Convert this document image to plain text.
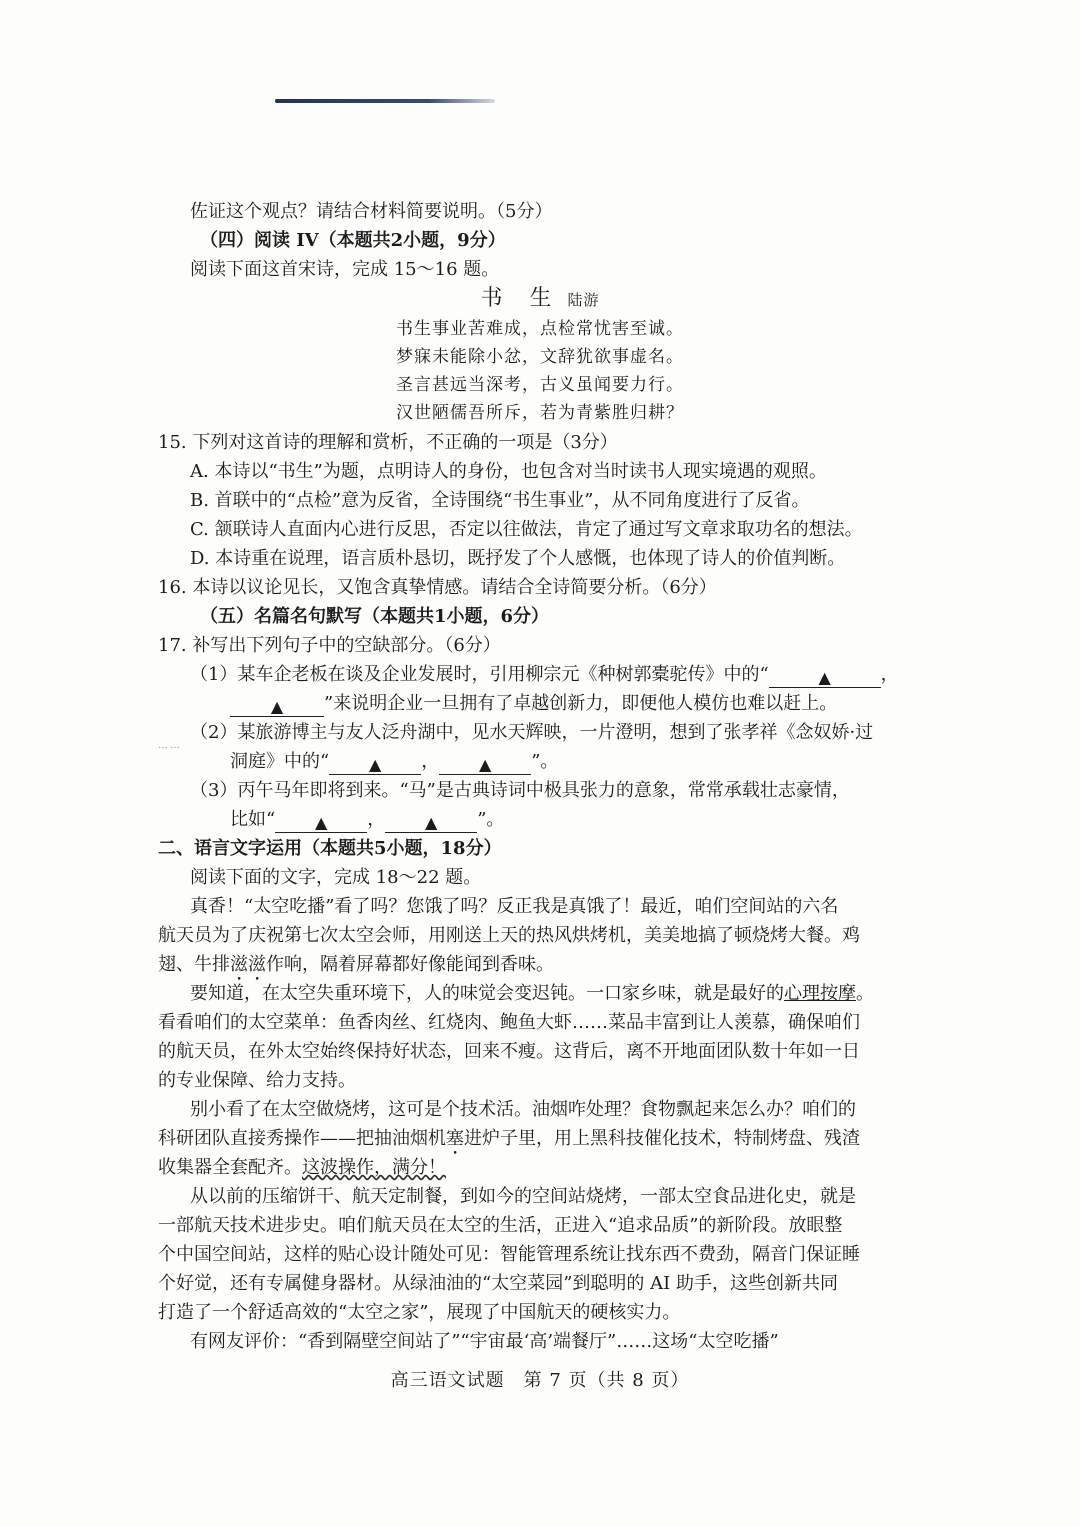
佐证这个观点？请结合材料简要说明。（5分）
（四）阅读 IV（本题共2小题，9分）
阅读下面这首宋诗，完成 15～16 题。
书 生 陆游
书生事业苦难成，点检常忧害至诚。
梦寐未能除小忿，文辞犹欲事虚名。
圣言甚远当深考，古义虽闻要力行。
汉世陋儒吾所斥，若为青紫胜归耕？
15. 下列对这首诗的理解和赏析，不正确的一项是（3分）
A. 本诗以“书生”为题，点明诗人的身份，也包含对当时读书人现实境遇的观照。
B. 首联中的“点检”意为反省，全诗围绕“书生事业”，从不同角度进行了反省。
C. 颔联诗人直面内心进行反思，否定以往做法，肯定了通过写文章求取功名的想法。
D. 本诗重在说理，语言质朴恳切，既抒发了个人感慨，也体现了诗人的价值判断。
16. 本诗以议论见长，又饱含真挚情感。请结合全诗简要分析。（6分）
（五）名篇名句默写（本题共1小题，6分）
17. 补写出下列句子中的空缺部分。（6分）
（1）某车企老板在谈及企业发展时，引用柳宗元《种树郭橐驼传》中的“	▲	，
▲ ”来说明企业一旦拥有了卓越创新力，即便他人模仿也难以赶上。
（2）某旅游博主与友人泛舟湖中，见水天辉映，一片澄明，想到了张孝祥《念奴娇·过
……
洞庭》中的“ ▲ ， ▲ ”。
（3）丙午马年即将到来。“马”是古典诗词中极具张力的意象，常常承载壮志豪情，
比如“ ▲ ， ▲ ”。
二、语言文字运用（本题共5小题，18分）
阅读下面的文字，完成 18～22 题。
真香！“太空吃播”看了吗？您饿了吗？反正我是真饿了！最近，咱们空间站的六名
航天员为了庆祝第七次太空会师，用刚送上天的热风烘烤机，美美地搞了顿烧烤大餐。鸡
翅、牛排滋滋作响，隔着屏幕都好像能闻到香味。
要知道，在太空失重环境下，人的味觉会变迟钝。一口家乡味，就是最好的心理按摩。
看看咱们的太空菜单：鱼香肉丝、红烧肉、鲍鱼大虾……菜品丰富到让人羡慕，确保咱们
的航天员，在外太空始终保持好状态，回来不瘦。这背后，离不开地面团队数十年如一日
的专业保障、给力支持。
别小看了在太空做烧烤，这可是个技术活。油烟咋处理？食物飘起来怎么办？咱们的
科研团队直接秀操作——把抽油烟机塞进炉子里，用上黑科技催化技术，特制烤盘、残渣
收集器全套配齐。这波操作，满分！
从以前的压缩饼干、航天定制餐，到如今的空间站烧烤，一部太空食品进化史，就是
一部航天技术进步史。咱们航天员在太空的生活，正进入“追求品质”的新阶段。放眼整
个中国空间站，这样的贴心设计随处可见：智能管理系统让找东西不费劲，隔音门保证睡
个好觉，还有专属健身器材。从绿油油的“太空菜园”到聪明的 AI 助手，这些创新共同
打造了一个舒适高效的“太空之家”，展现了中国航天的硬核实力。
有网友评价：“香到隔壁空间站了”“宇宙最‘高’端餐厅”……这场“太空吃播”
高三语文试题　第 7 页（共 8 页）
